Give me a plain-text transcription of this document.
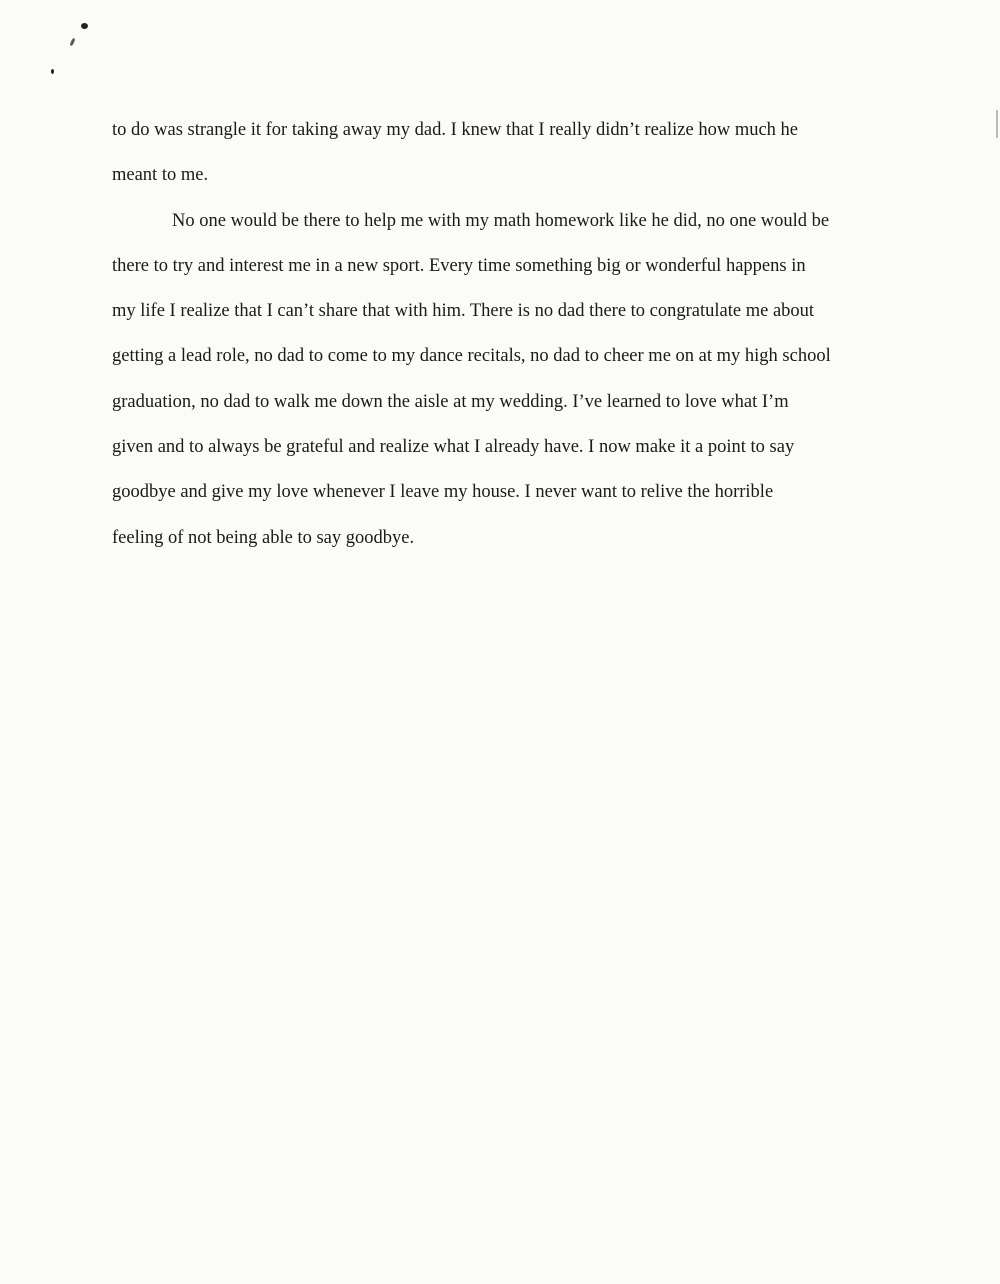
to do was strangle it for taking away my dad. I knew that I really didn’t realize how much he

meant to me.

No one would be there to help me with my math homework like he did, no one would be

there to try and interest me in a new sport. Every time something big or wonderful happens in

my life I realize that I can’t share that with him. There is no dad there to congratulate me about

getting a lead role, no dad to come to my dance recitals, no dad to cheer me on at my high school

graduation, no dad to walk me down the aisle at my wedding. I’ve learned to love what I’m

given and to always be grateful and realize what I already have. I now make it a point to say

goodbye and give my love whenever I leave my house. I never want to relive the horrible

feeling of not being able to say goodbye.
